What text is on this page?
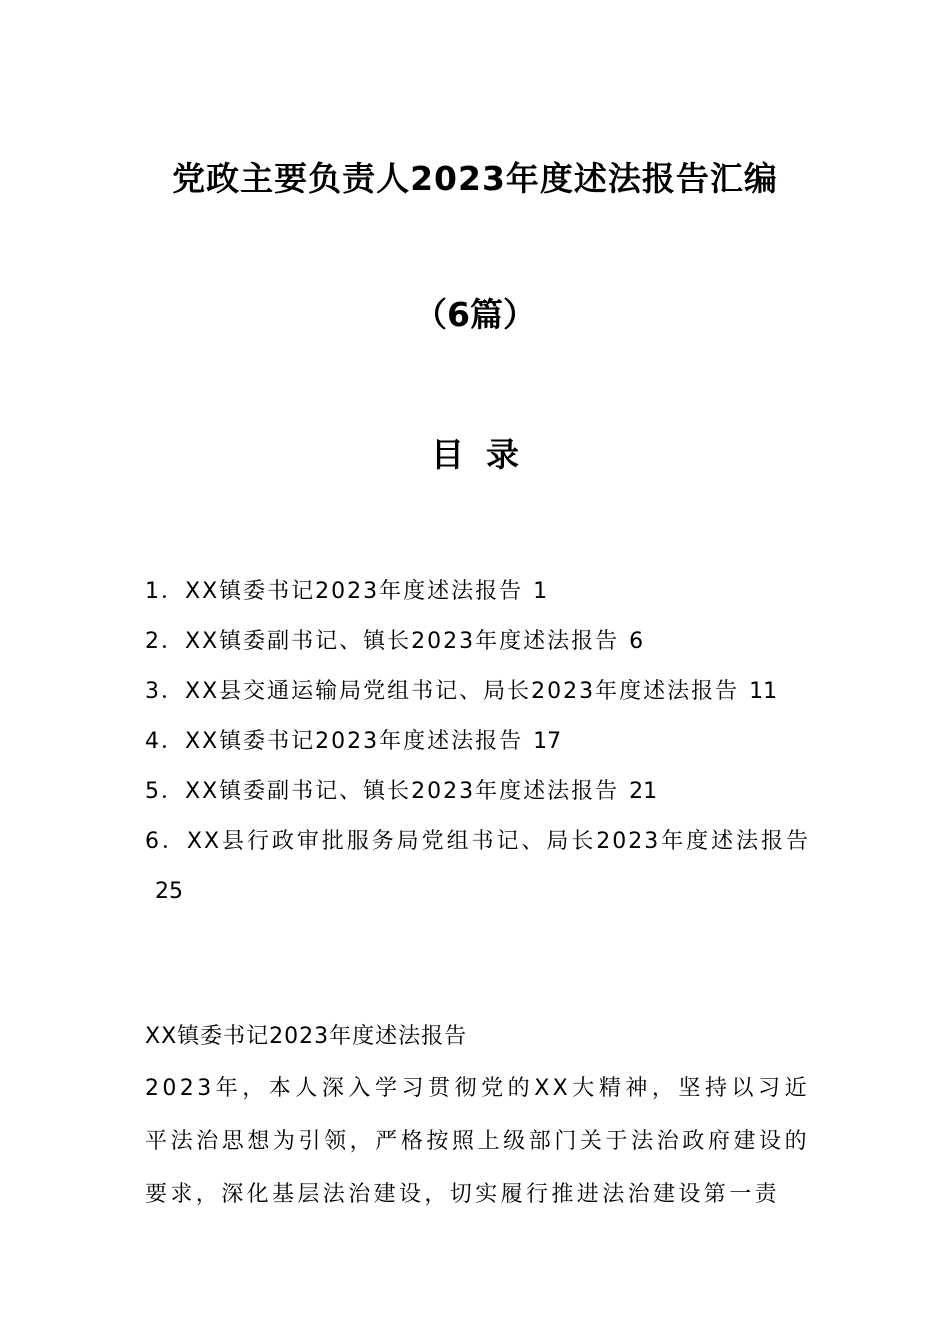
党政主要负责人2023年度述法报告汇编
（6篇）
目录
1．XX镇委书记2023年度述法报告 1
2．XX镇委副书记、镇长2023年度述法报告 6
3．XX县交通运输局党组书记、局长2023年度述法报告 11
4．XX镇委书记2023年度述法报告 17
5．XX镇委副书记、镇长2023年度述法报告 21
6．XX县行政审批服务局党组书记、局长2023年度述法报告25
XX镇委书记2023年度述法报告

2023年，本人深入学习贯彻党的XX大精神，坚持以习近平法治思想为引领，严格按照上级部门关于法治政府建设的要求，深化基层法治建设，切实履行推进法治建设第一责
